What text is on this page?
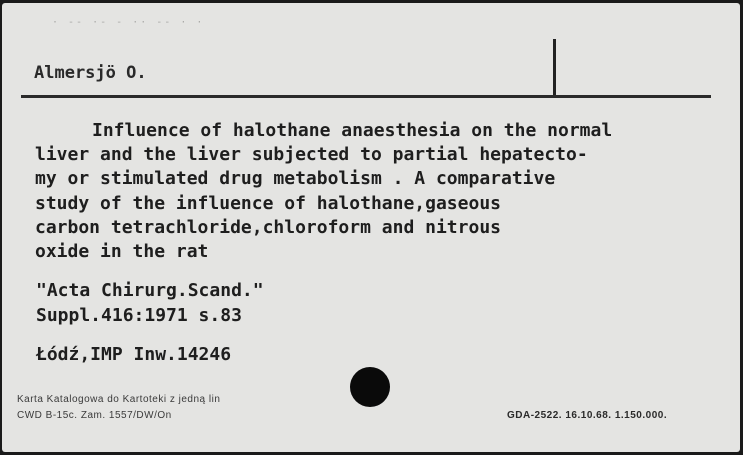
· -- ·- - ·· -- · ·
Almersjö O.

Influence of halothane anaesthesia on the normal
liver and the liver subjected to partial hepatecto-
my or stimulated drug metabolism . A comparative
study of the influence of halothane,gaseous
carbon tetrachloride,chloroform and nitrous
oxide in the rat

"Acta Chirurg.Scand."
Suppl.416:1971 s.83
Łódź,IMP Inw.14246
Karta Katalogowa do Kartoteki z jedną lin
CWD B-15c. Zam. 1557/DW/On	GDA-2522. 16.10.68. 1.150.000.
